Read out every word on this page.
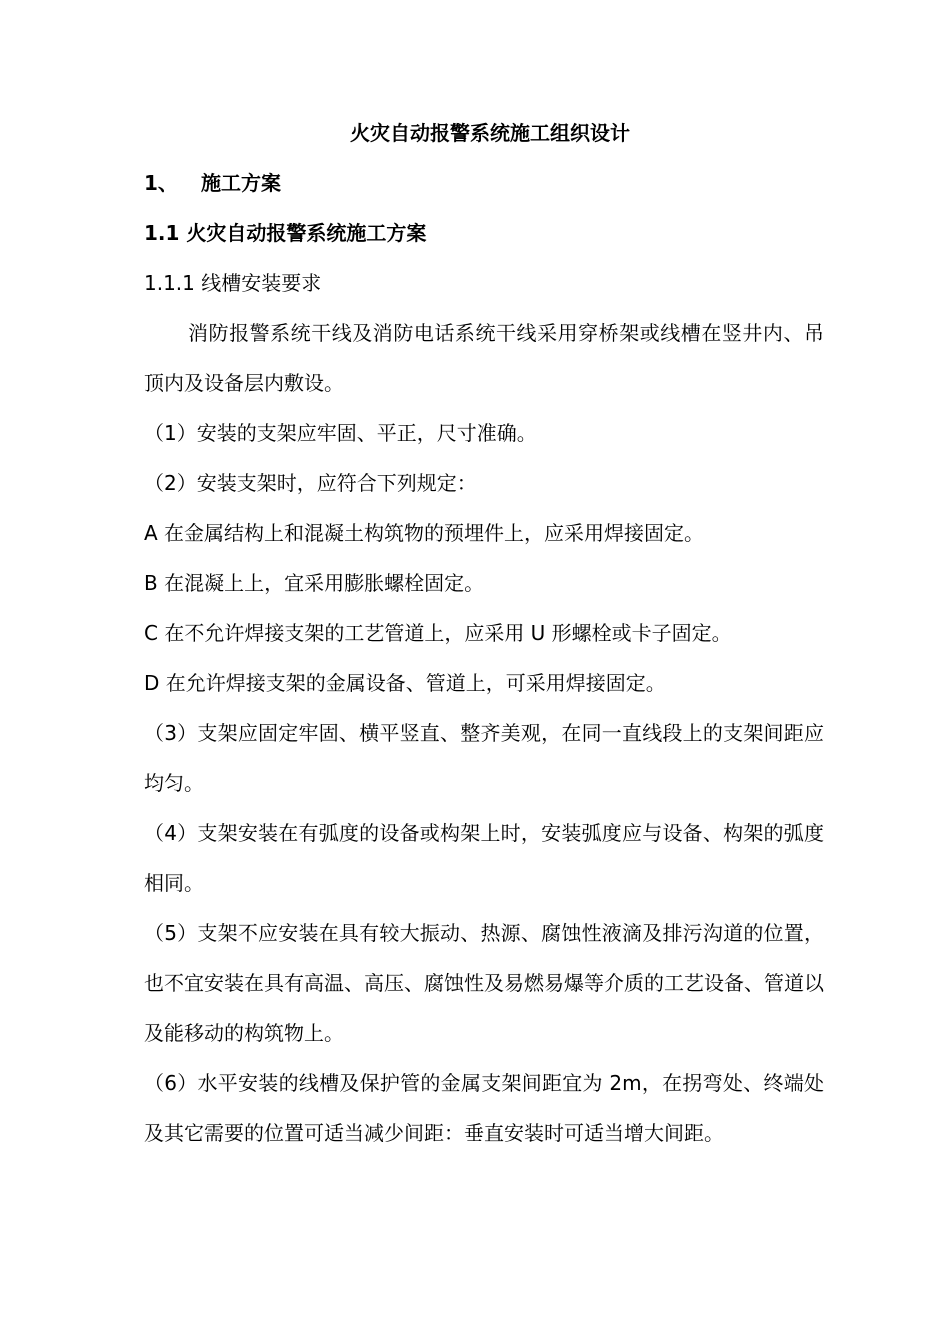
火灾自动报警系统施工组织设计
1、 施工方案
1.1 火灾自动报警系统施工方案
1.1.1 线槽安装要求

消防报警系统干线及消防电话系统干线采用穿桥架或线槽在竖井内、吊顶内及设备层内敷设。

（1）安装的支架应牢固、平正，尺寸准确。

（2）安装支架时，应符合下列规定：

A 在金属结构上和混凝土构筑物的预埋件上，应采用焊接固定。

B 在混凝上上，宜采用膨胀螺栓固定。

C 在不允许焊接支架的工艺管道上，应采用 U 形螺栓或卡子固定。

D 在允许焊接支架的金属设备、管道上，可采用焊接固定。

（3）支架应固定牢固、横平竖直、整齐美观，在同一直线段上的支架间距应均匀。

（4）支架安装在有弧度的设备或构架上时，安装弧度应与设备、构架的弧度相同。

（5）支架不应安装在具有较大振动、热源、腐蚀性液滴及排污沟道的位置，也不宜安装在具有高温、高压、腐蚀性及易燃易爆等介质的工艺设备、管道以及能移动的构筑物上。

（6）水平安装的线槽及保护管的金属支架间距宜为 2m，在拐弯处、终端处及其它需要的位置可适当减少间距：垂直安装时可适当增大间距。
